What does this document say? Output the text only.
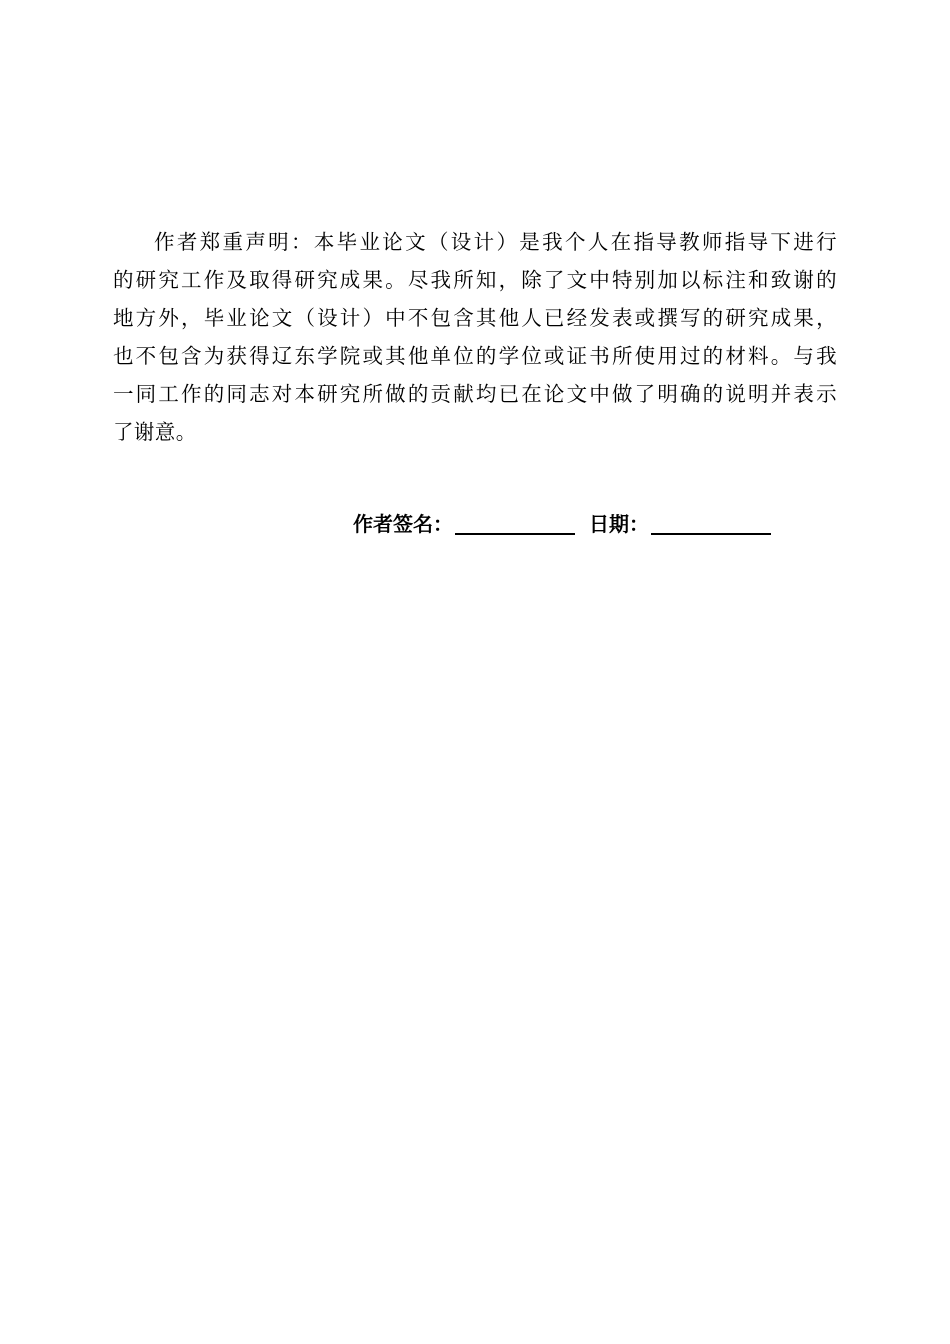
作者郑重声明：本毕业论文（设计）是我个人在指导教师指导下进行
的研究工作及取得研究成果。尽我所知，除了文中特别加以标注和致谢的
地方外，毕业论文（设计）中不包含其他人已经发表或撰写的研究成果，
也不包含为获得辽东学院或其他单位的学位或证书所使用过的材料。与我
一同工作的同志对本研究所做的贡献均已在论文中做了明确的说明并表示
了谢意。
作者签名：	日期：
